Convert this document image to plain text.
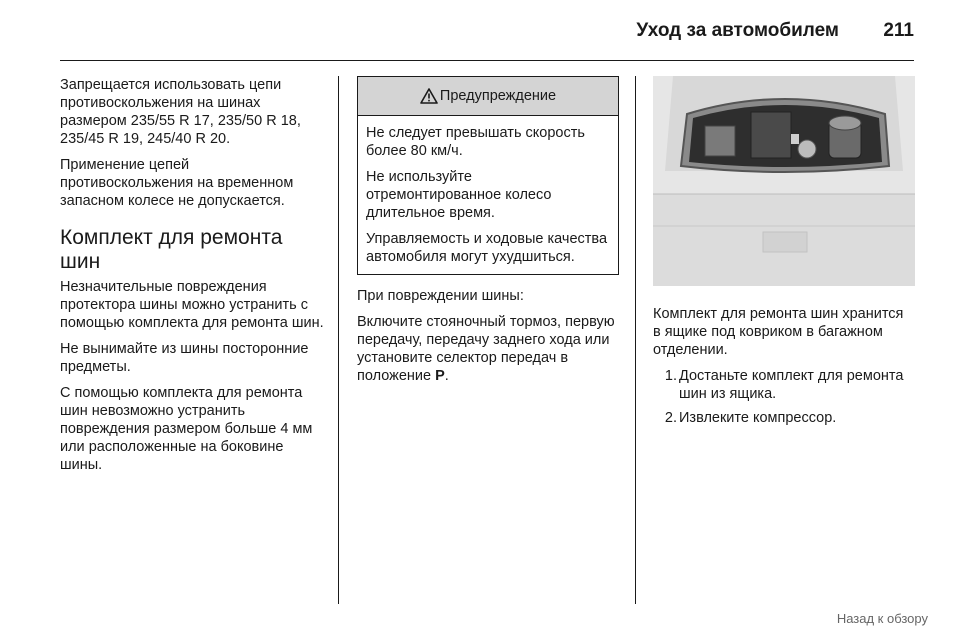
Уход за автомобилем 211

Запрещается использовать цепи противоскольжения на шинах размером 235/55 R 17, 235/50 R 18, 235/45 R 19, 245/40 R 20.

Применение цепей противоскольжения на временном запасном колесе не допускается.

Комплект для ремонта шин

Незначительные повреждения протектора шины можно устранить с помощью комплекта для ремонта шин.

Не вынимайте из шины посторонние предметы.

С помощью комплекта для ремонта шин невозможно устранить повреждения размером больше 4 мм или расположенные на боковине шины.

Предупреждение

Не следует превышать скорость более 80 км/ч.

Не используйте отремонтированное колесо длительное время.

Управляемость и ходовые качества автомобиля могут ухудшиться.

При повреждении шины:

Включите стояночный тормоз, первую передачу, передачу заднего хода или установите селектор передач в положение P.

Комплект для ремонта шин хранится в ящике под ковриком в багажном отделении.

1. Достаньте комплект для ремонта шин из ящика.
2. Извлеките компрессор.
Назад к обзору
